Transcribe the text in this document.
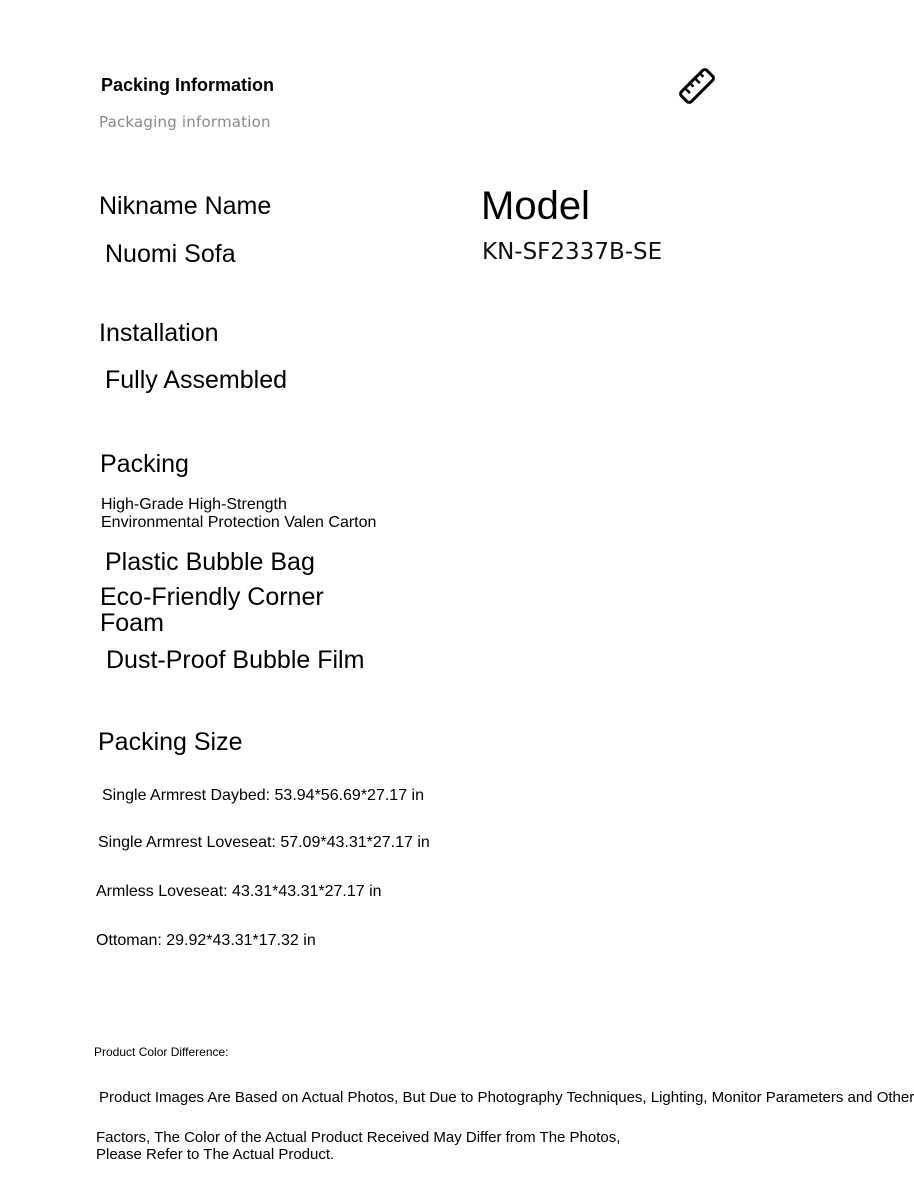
Packing Information
Packaging information
Nikname Name
Nuomi Sofa
Model
KN-SF2337B-SE
Installation
Fully Assembled
Packing
High-Grade High-Strength
Environmental Protection Valen Carton
Plastic Bubble Bag
Eco-Friendly Corner
Foam
Dust-Proof Bubble Film
Packing Size
Single Armrest Daybed: 53.94*56.69*27.17 in
Single Armrest Loveseat: 57.09*43.31*27.17 in
Armless Loveseat: 43.31*43.31*27.17 in
Ottoman: 29.92*43.31*17.32 in
Product Color Difference:
Product Images Are Based on Actual Photos, But Due to Photography Techniques, Lighting, Monitor Parameters and Other
Factors, The Color of the Actual Product Received May Differ from The Photos,
Please Refer to The Actual Product.
